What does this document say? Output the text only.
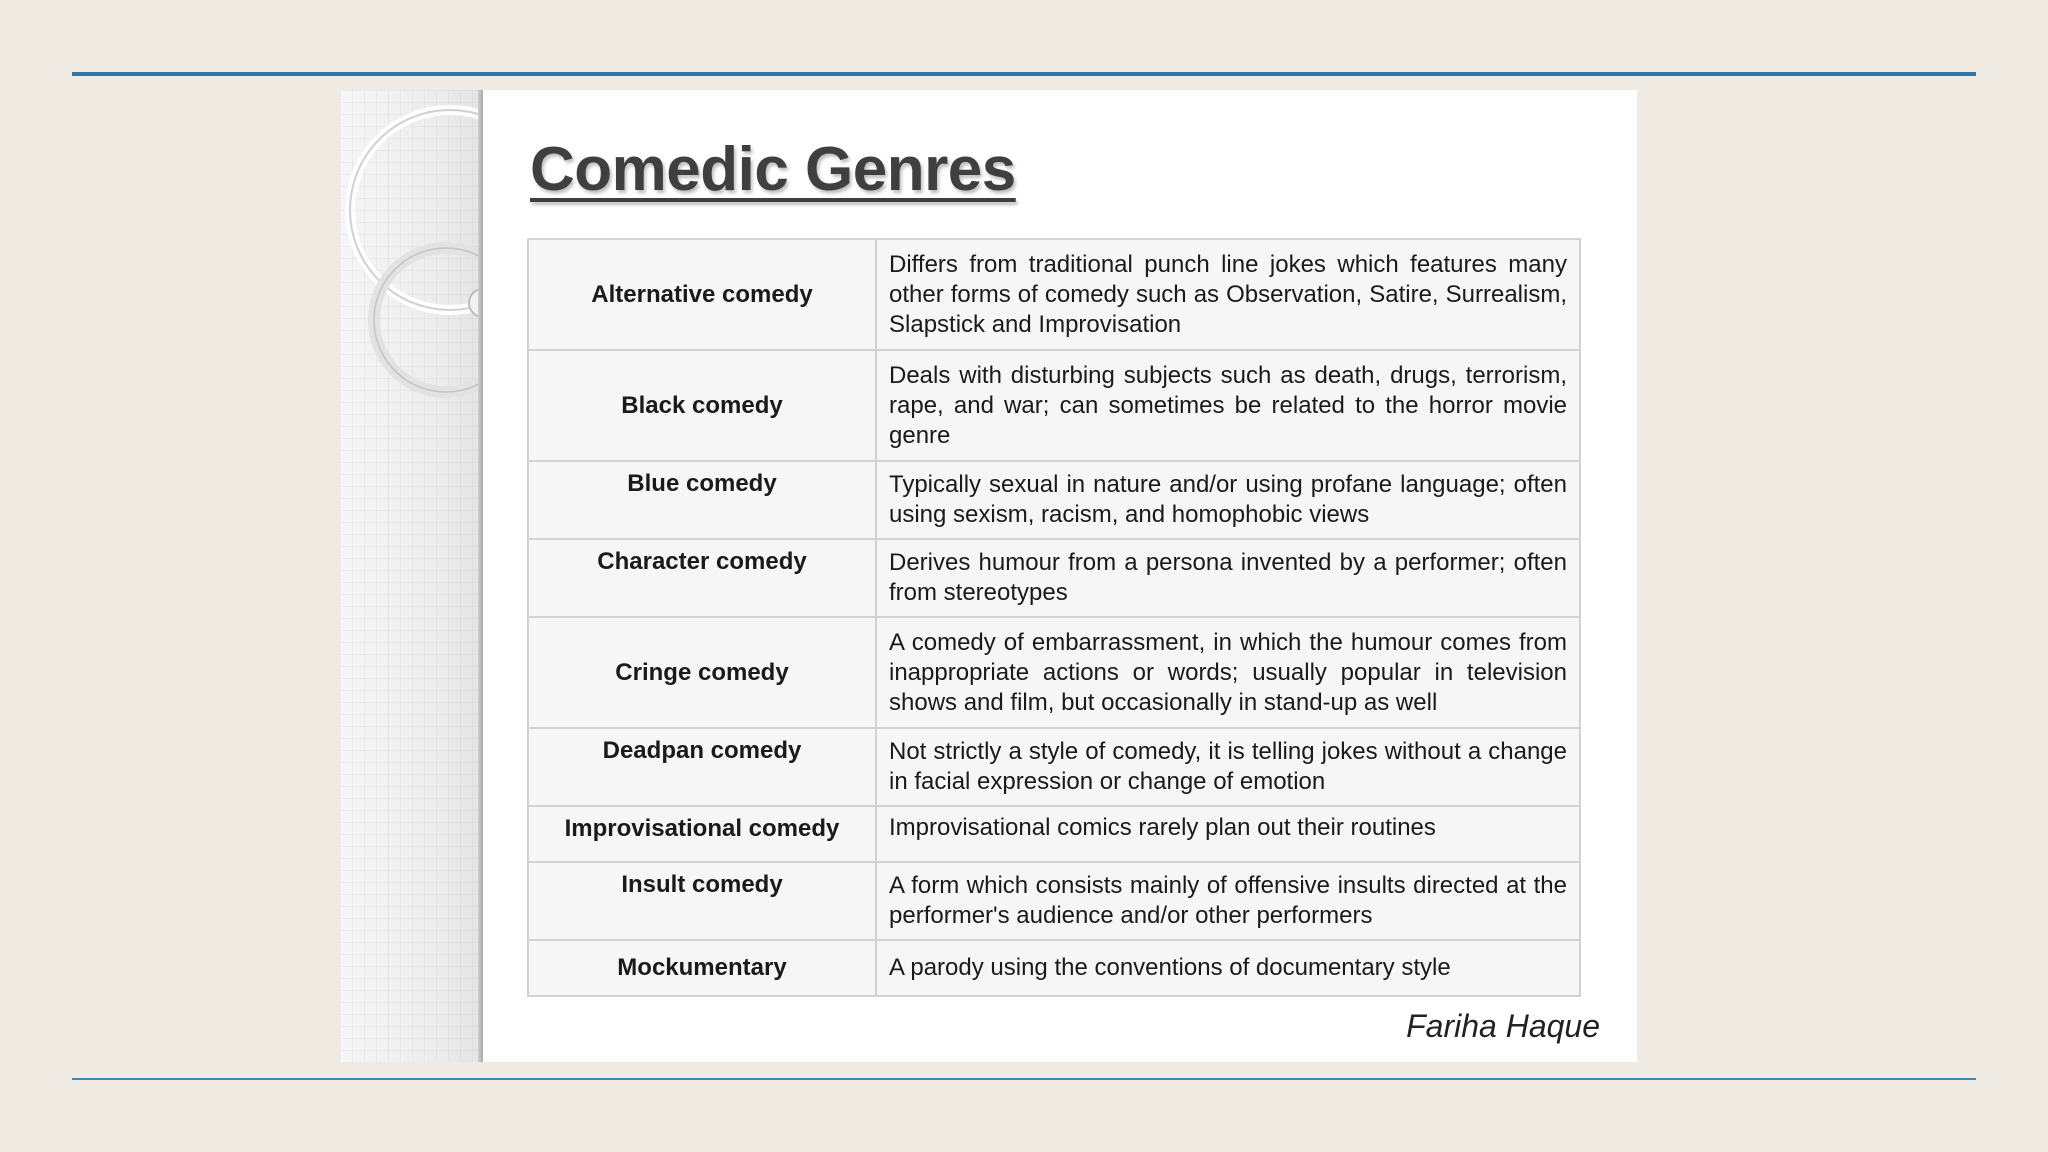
Comedic Genres
Alternative comedy	Differs from traditional punch line jokes which features many other forms of comedy such as Observation, Satire, Surrealism, Slapstick and Improvisation
Black comedy	Deals with disturbing subjects such as death, drugs, terrorism, rape, and war; can sometimes be related to the horror movie genre
Blue comedy	Typically sexual in nature and/or using profane language; often using sexism, racism, and homophobic views
Character comedy	Derives humour from a persona invented by a performer; often from stereotypes
Cringe comedy	A comedy of embarrassment, in which the humour comes from inappropriate actions or words; usually popular in television shows and film, but occasionally in stand-up as well
Deadpan comedy	Not strictly a style of comedy, it is telling jokes without a change in facial expression or change of emotion
Improvisational comedy	Improvisational comics rarely plan out their routines
Insult comedy	A form which consists mainly of offensive insults directed at the performer's audience and/or other performers
Mockumentary	A parody using the conventions of documentary style
Fariha Haque
